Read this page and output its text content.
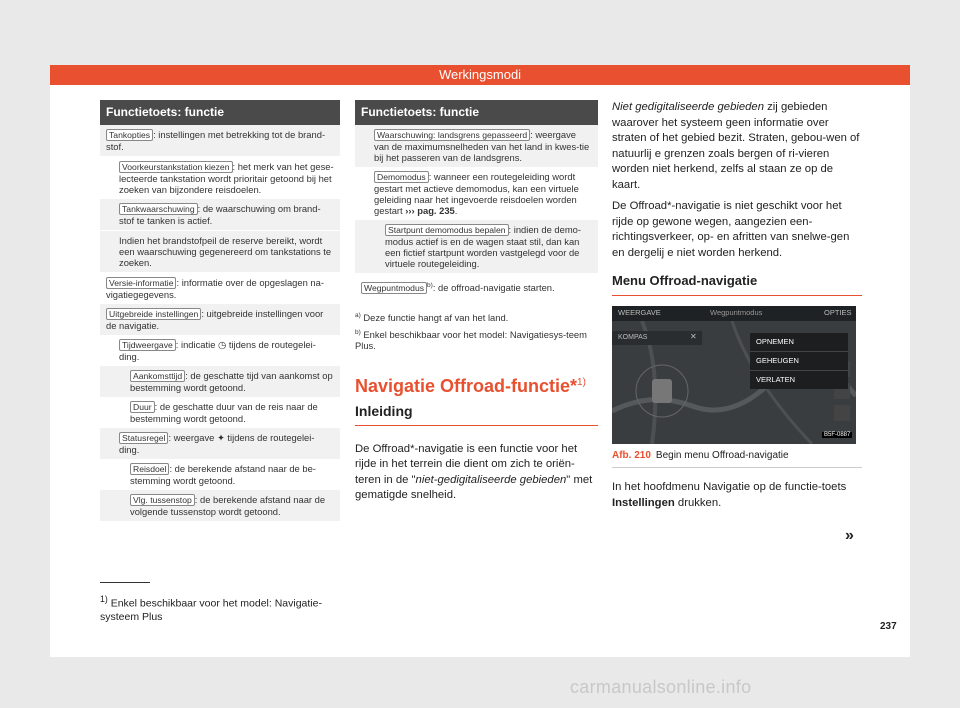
Werkingsmodi
Functietoets: functie
Tankopties : instellingen met betrekking tot de brand-stof.
Voorkeurstankstation kiezen : het merk van het gese-lecteerde tankstation wordt prioritair getoond bij het zoeken van bijzondere reisdoelen.
Tankwaarschuwing : de waarschuwing om brand-stof te tanken is actief.
Indien het brandstofpeil de reserve bereikt, wordt een waarschuwing gegenereerd om tankstations te zoeken.
Versie-informatie : informatie over de opgeslagen na-vigatiegegevens.
Uitgebreide instellingen : uitgebreide instellingen voor de navigatie.
Tijdweergave : indicatie ◷ tijdens de routegelei-ding.
Aankomsttijd : de geschatte tijd van aankomst op bestemming wordt getoond.
Duur : de geschatte duur van de reis naar de bestemming wordt getoond.
Statusregel : weergave ✦ tijdens de routegelei-ding.
Reisdoel : de berekende afstand naar de be-stemming wordt getoond.
Vlg. tussenstop : de berekende afstand naar de volgende tussenstop wordt getoond.
$^{1)}$ Enkel beschikbaar voor het model: Navigatie-systeem Plus
Functietoets: functie
Waarschuwing: landsgrens gepasseerd : weergave van de maximumsnelheden van het land in kwes-tie bij het passeren van de landsgrens.
Demomodus : wanneer een routegeleiding wordt gestart met actieve demomodus, kan een virtuele geleiding naar het ingevoerde reisdoelen worden gestart ››› pag. 235.
Startpunt demomodus bepalen : indien de demo-modus actief is en de wagen staat stil, dan kan een fictief startpunt worden vastgelegd voor de virtuele routegeleiding.
Wegpuntmodus $^{b)}$: de offroad-navigatie starten.
$^{a)}$ Deze functie hangt af van het land.
$^{b)}$ Enkel beschikbaar voor het model: Navigatiesys-teem Plus.
Navigatie Offroad-functie*$^{1)}$
Inleiding

De Offroad*-navigatie is een functie voor het rijde in het terrein die dient om zich te oriën-teren in de "niet-gedigitaliseerde gebieden" met gematigde snelheid.

Niet gedigitaliseerde gebieden zij gebieden waarover het systeem geen informatie over straten of het gebied bezit. Straten, gebou-wen of natuurlij e grenzen zoals bergen of ri-vieren worden niet herkend, zelfs al staan ze op de kaart.

De Offroad*-navigatie is niet geschikt voor het rijde op gewone wegen, aangezien een-richtingsverkeer, op- en afritten van snelwe-gen en dergelij e niet worden herkend.

Menu Offroad-navigatie
WEERGAVE	Wegpuntmodus	OPTIES
KOMPAS	✕
OPNEMEN
GEHEUGEN
VERLATEN
B5F-0887
Afb. 210 Begin menu Offroad-navigatie

In het hoofdmenu Navigatie op de functie-toets Instellingen drukken.

»
237
carmanualsonline.info
